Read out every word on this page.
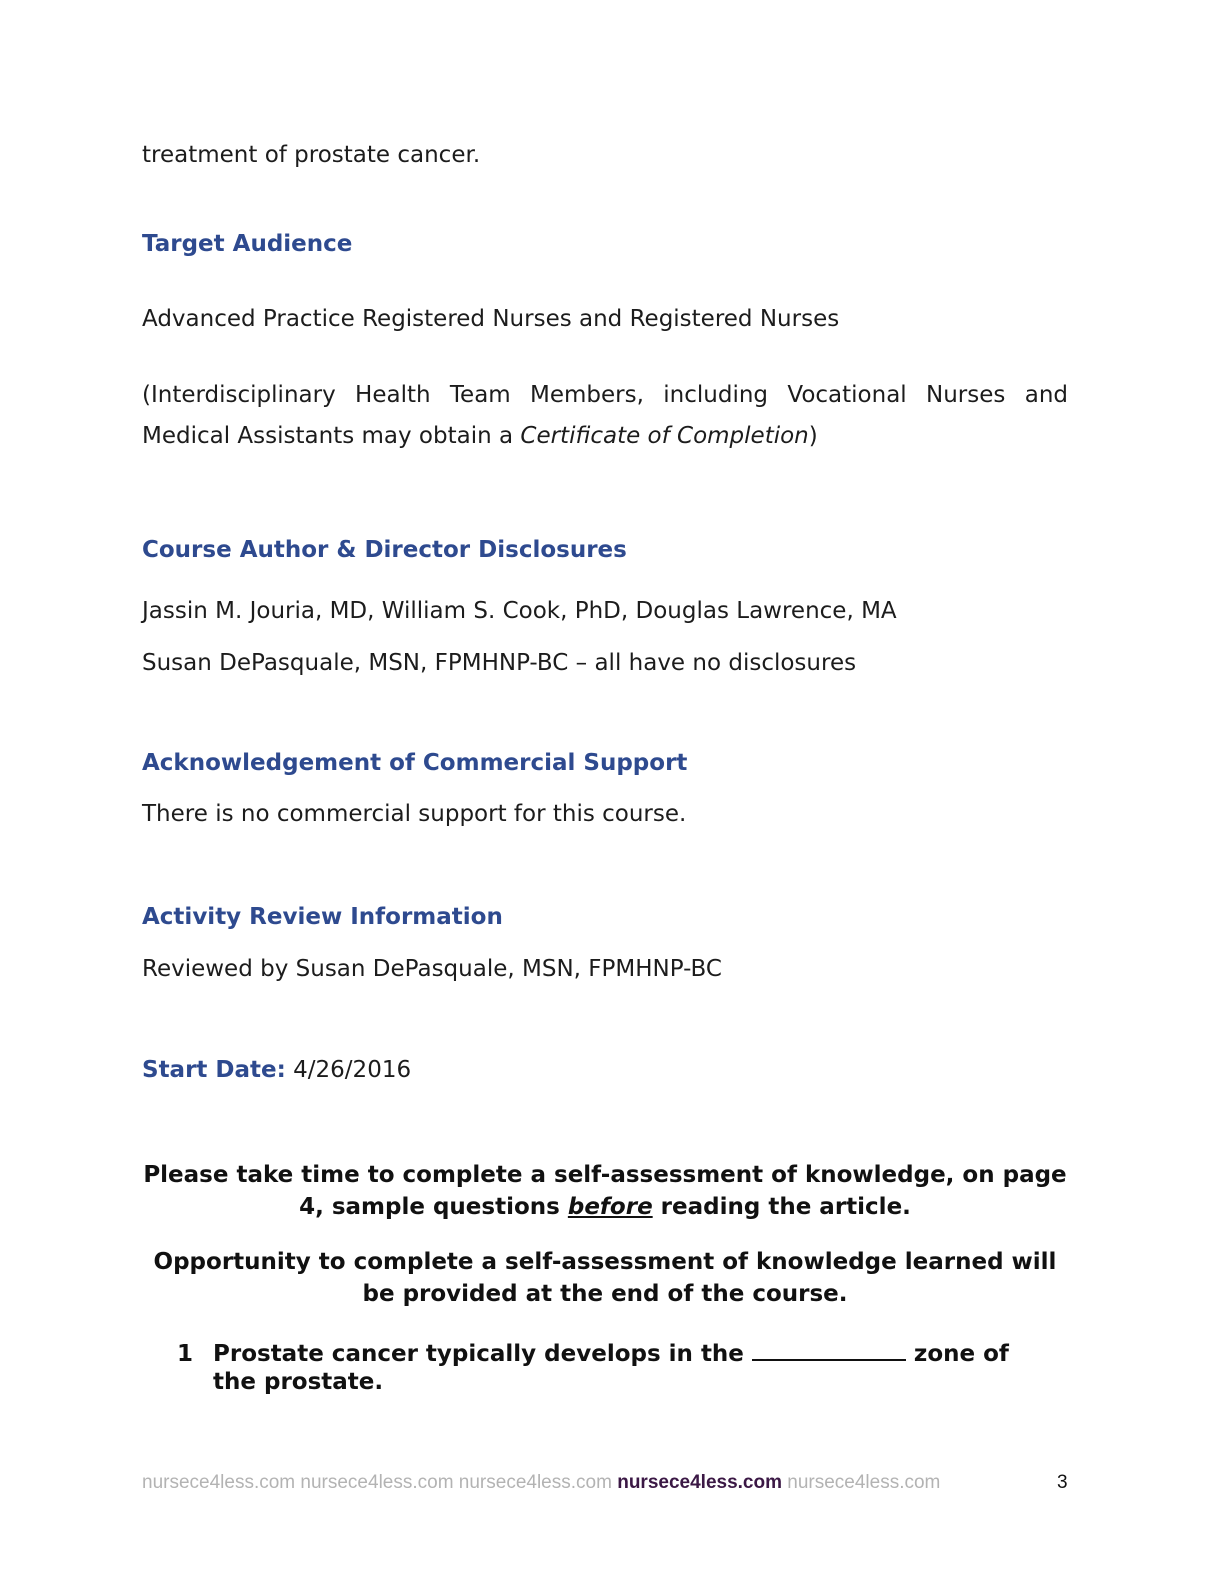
treatment of prostate cancer.
Target Audience
Advanced Practice Registered Nurses and Registered Nurses
(Interdisciplinary Health Team Members, including Vocational Nurses and Medical Assistants may obtain a Certificate of Completion)
Course Author & Director Disclosures
Jassin M. Jouria, MD, William S. Cook, PhD, Douglas Lawrence, MA
Susan DePasquale, MSN, FPMHNP-BC – all have no disclosures
Acknowledgement of Commercial Support
There is no commercial support for this course.
Activity Review Information
Reviewed by Susan DePasquale, MSN, FPMHNP-BC
Start Date: 4/26/2016
Please take time to complete a self-assessment of knowledge, on page 4, sample questions before reading the article.
Opportunity to complete a self-assessment of knowledge learned will be provided at the end of the course.
1 Prostate cancer typically develops in the	zone of the prostate.
nursece4less.com nursece4less.com nursece4less.com nursece4less.com nursece4less.com	3
